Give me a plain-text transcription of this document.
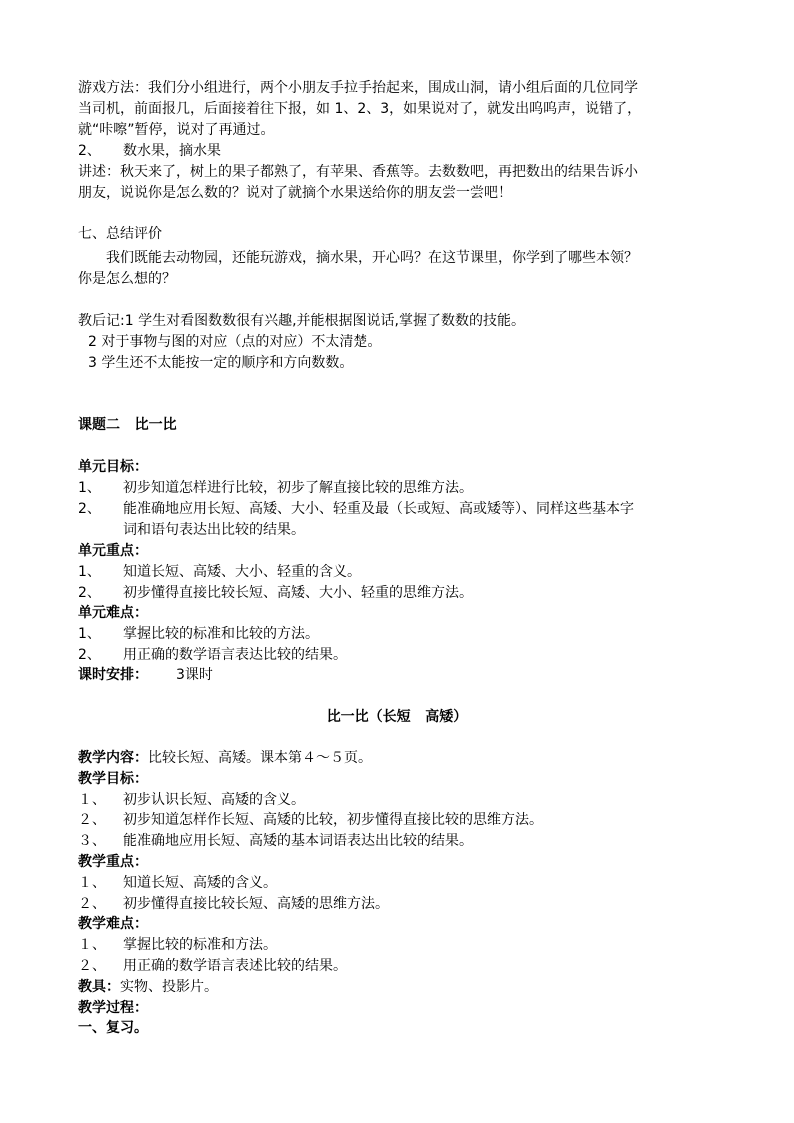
游戏方法：我们分小组进行，两个小朋友手拉手抬起来，围成山洞，请小组后面的几位同学
当司机，前面报几，后面接着往下报，如 1、2、3，如果说对了，就发出呜呜声，说错了，
就“咔嚓”暂停，说对了再通过。
2、 数水果，摘水果
讲述：秋天来了，树上的果子都熟了，有苹果、香蕉等。去数数吧，再把数出的结果告诉小
朋友，说说你是怎么数的？说对了就摘个水果送给你的朋友尝一尝吧！
七、总结评价
我们既能去动物园，还能玩游戏，摘水果，开心吗？在这节课里，你学到了哪些本领？
你是怎么想的？
教后记:1 学生对看图数数很有兴趣,并能根据图说话,掌握了数数的技能。
2 对于事物与图的对应（点的对应）不太清楚。
3 学生还不太能按一定的顺序和方向数数。
课题二   比一比
单元目标：
1、 初步知道怎样进行比较，初步了解直接比较的思维方法。
2、 能准确地应用长短、高矮、大小、轻重及最（长或短、高或矮等）、同样这些基本字
词和语句表达出比较的结果。
单元重点：
1、 知道长短、高矮、大小、轻重的含义。
2、 初步懂得直接比较长短、高矮、大小、轻重的思维方法。
单元难点：
1、 掌握比较的标准和比较的方法。
2、 用正确的数学语言表达比较的结果。
课时安排： 3课时
比一比（长短   高矮）
教学内容：比较长短、高矮。课本第４～５页。
教学目标：
１、 初步认识长短、高矮的含义。
２、 初步知道怎样作长短、高矮的比较，初步懂得直接比较的思维方法。
３、 能准确地应用长短、高矮的基本词语表达出比较的结果。
教学重点：
１、 知道长短、高矮的含义。
２、 初步懂得直接比较长短、高矮的思维方法。
教学难点：
１、 掌握比较的标准和方法。
２、 用正确的数学语言表述比较的结果。
教具：实物、投影片。
教学过程：
一、复习。
